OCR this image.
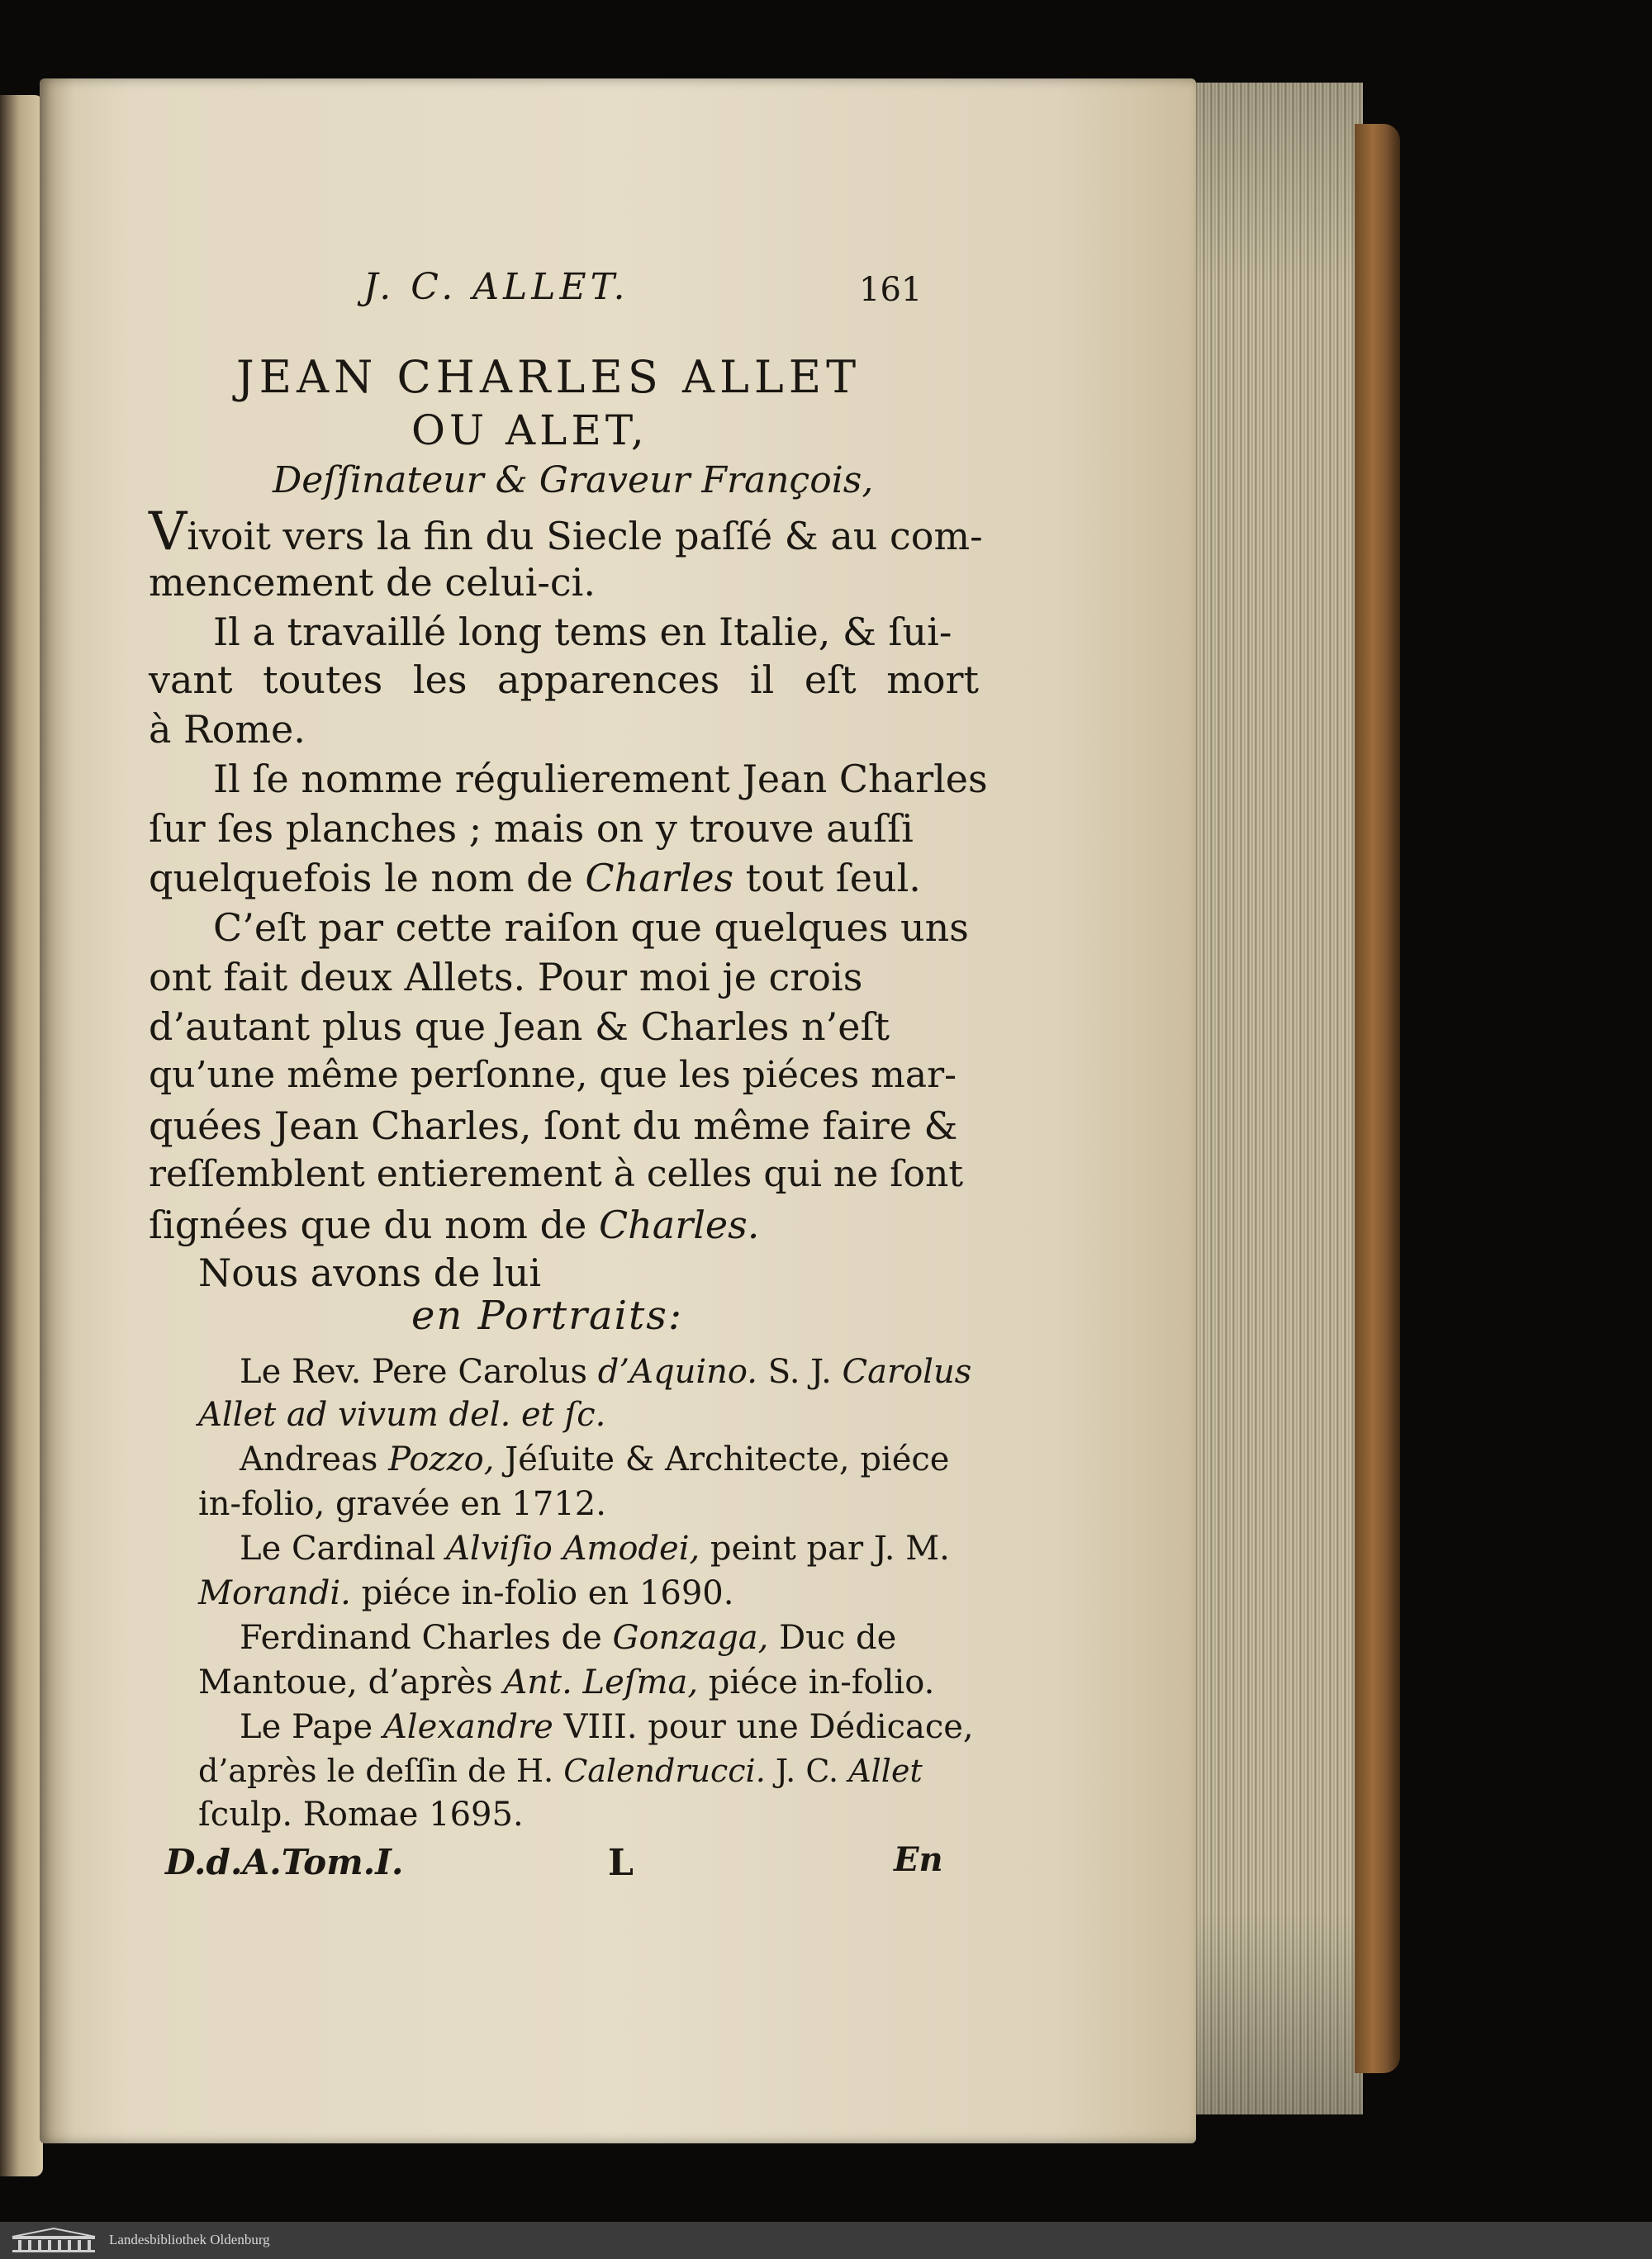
J. C. ALLET.	161
JEAN CHARLES ALLET
OU ALET,
Deſſinateur & Graveur François,
Vivoit vers la fin du Siecle paſſé & au com-
mencement de celui-ci.
Il a travaillé long tems en Italie, & ſui-
vant toutes les apparences il eſt mort
à Rome.
Il ſe nomme régulierement Jean Charles
ſur ſes planches ; mais on y trouve auſſi
quelquefois le nom de Charles tout ſeul.
C’eſt par cette raiſon que quelques uns
ont fait deux Allets. Pour moi je crois
d’autant plus que Jean & Charles n’eſt
qu’une même perſonne, que les piéces mar-
quées Jean Charles, ſont du même faire &
reſſemblent entierement à celles qui ne ſont
ſignées que du nom de Charles.
Nous avons de lui
en Portraits:
Le Rev. Pere Carolus d’Aquino. S. J. Carolus
Allet ad vivum del. et ſc.
Andreas Pozzo, Jéſuite & Architecte, piéce
in-folio, gravée en 1712.
Le Cardinal Alviſio Amodei, peint par J. M.
Morandi. piéce in-folio en 1690.
Ferdinand Charles de Gonzaga, Duc de
Mantoue, d’après Ant. Leſma, piéce in-folio.
Le Pape Alexandre VIII. pour une Dédicace,
d’après le deſſin de H. Calendrucci. J. C. Allet
ſculp. Romae 1695.
D.d.A.Tom.I.	L	En
Landesbibliothek Oldenburg
